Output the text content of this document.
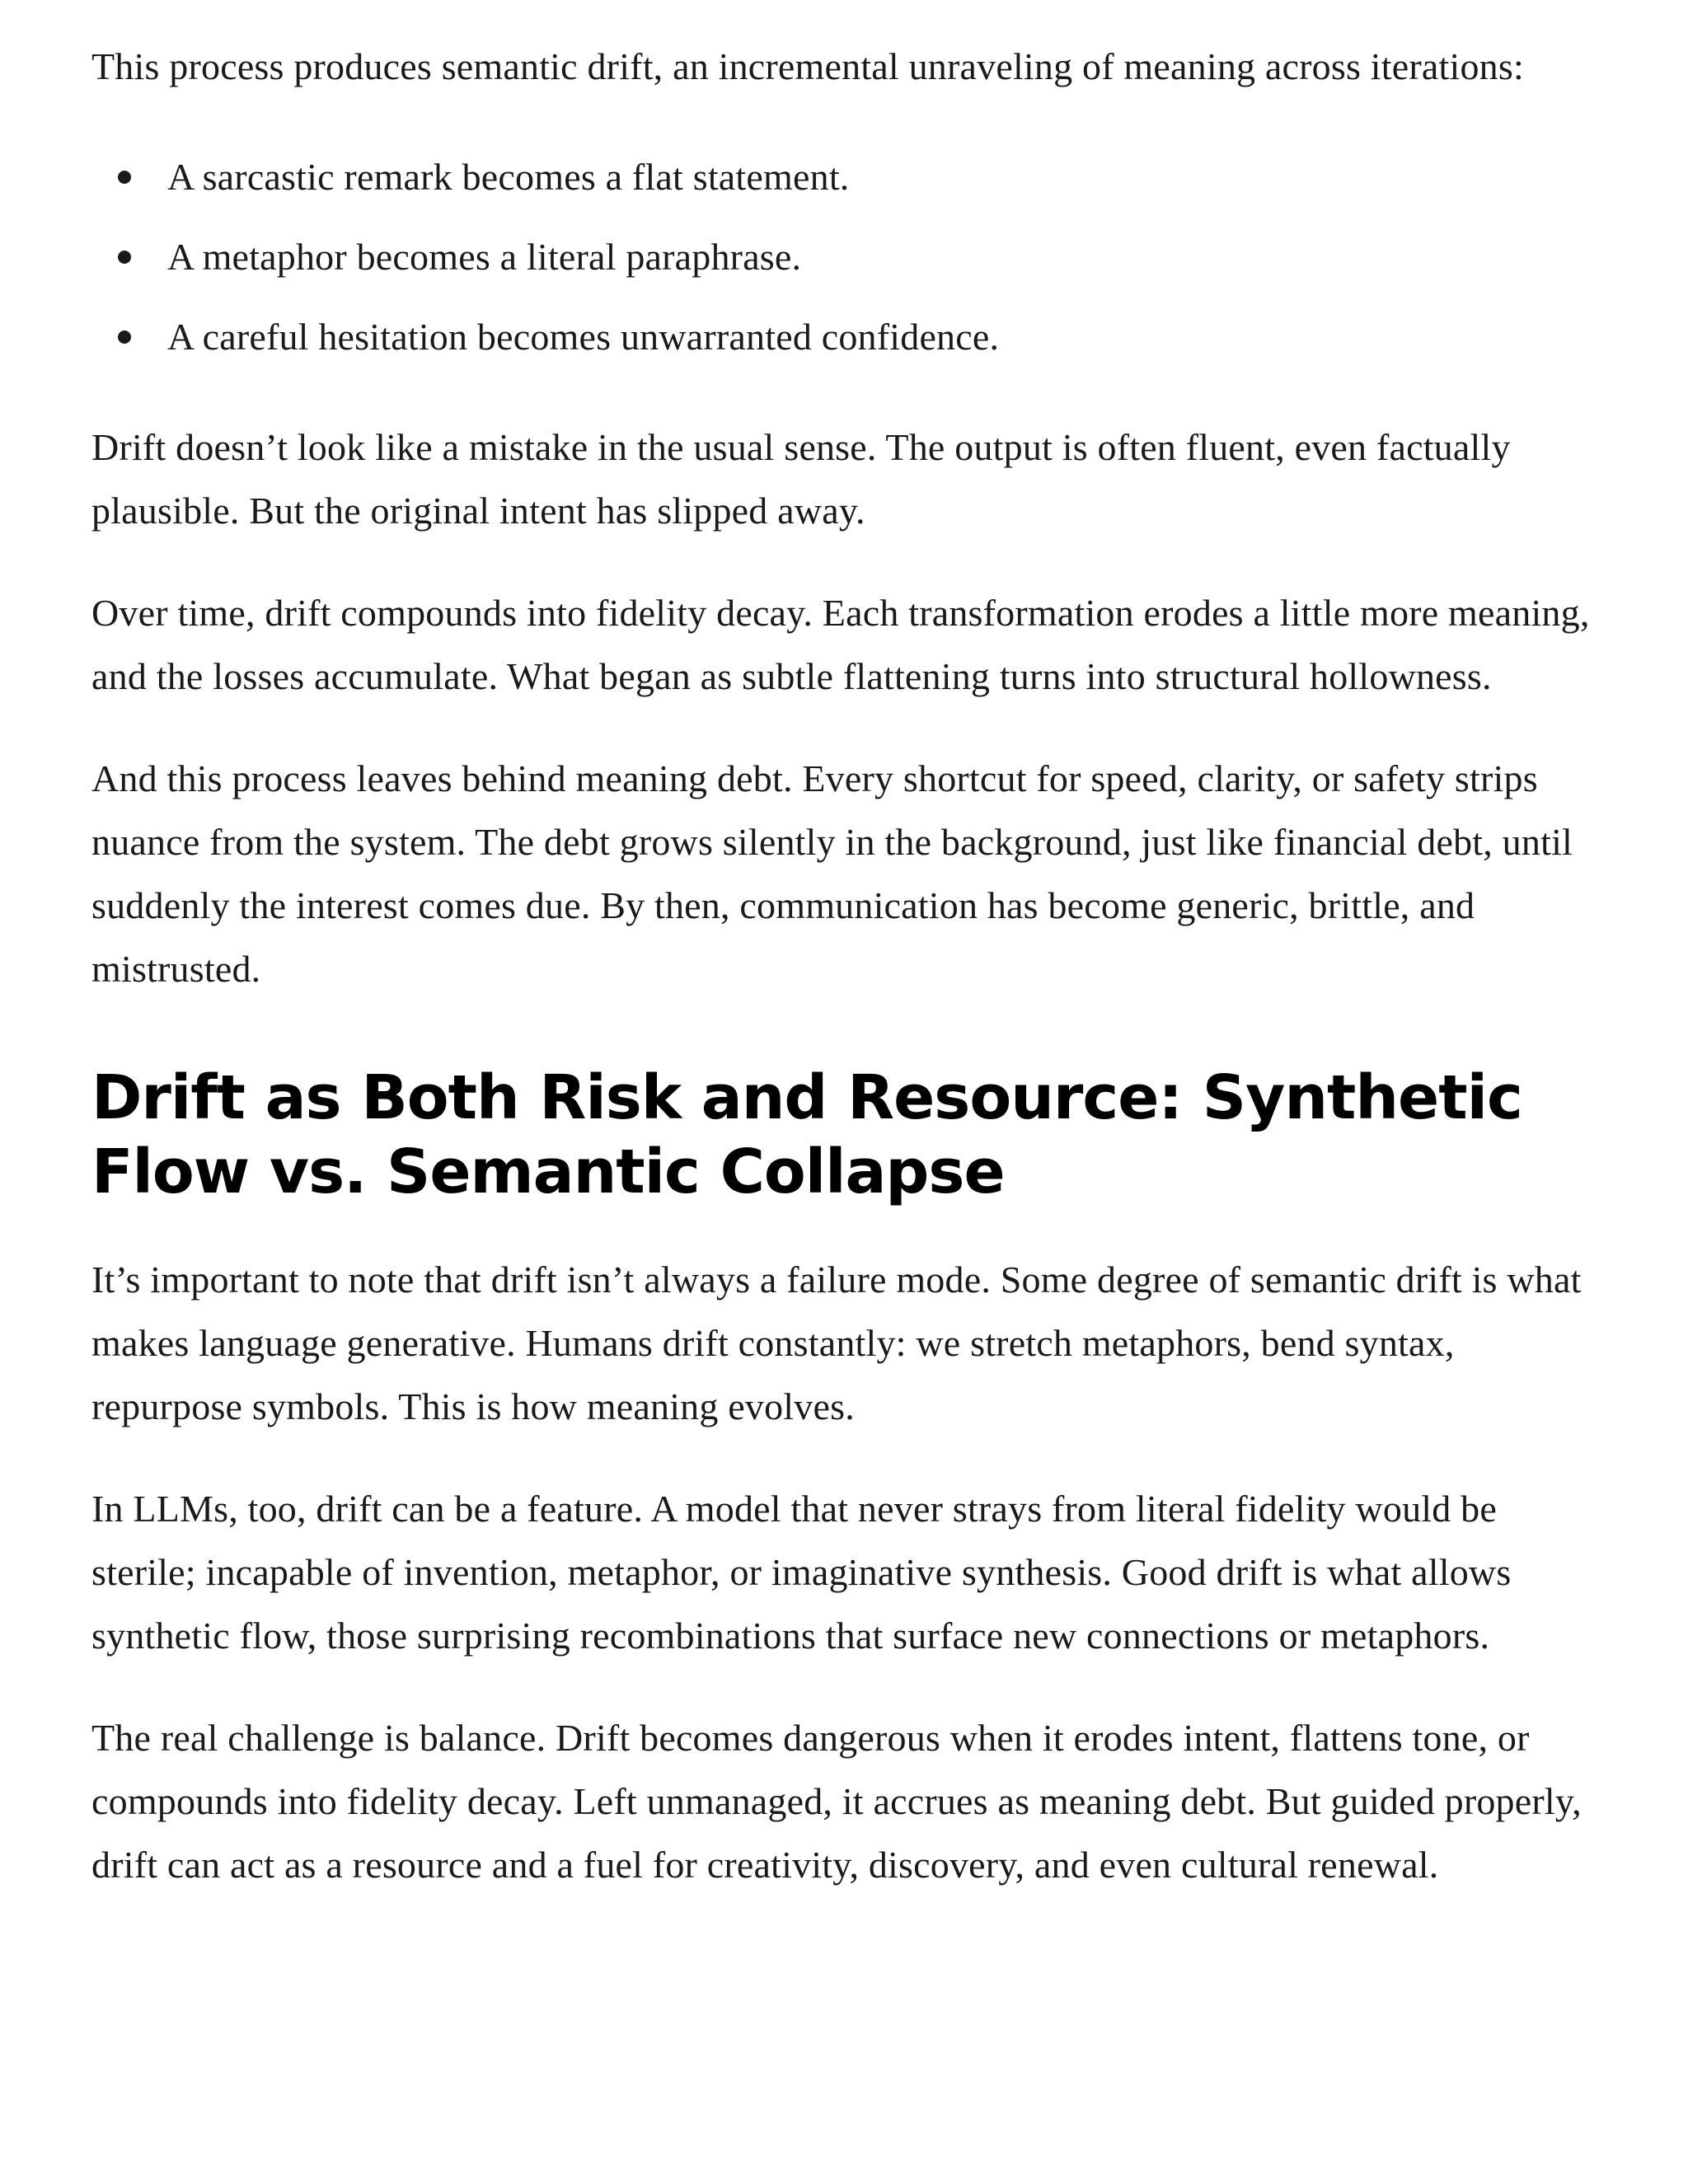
This process produces semantic drift, an incremental unraveling of meaning across iterations:

A sarcastic remark becomes a flat statement.
A metaphor becomes a literal paraphrase.
A careful hesitation becomes unwarranted confidence.

Drift doesn’t look like a mistake in the usual sense. The output is often fluent, even factually plausible. But the original intent has slipped away.

Over time, drift compounds into fidelity decay. Each transformation erodes a little more meaning, and the losses accumulate. What began as subtle flattening turns into structural hollowness.

And this process leaves behind meaning debt. Every shortcut for speed, clarity, or safety strips nuance from the system. The debt grows silently in the background, just like financial debt, until suddenly the interest comes due. By then, communication has become generic, brittle, and mistrusted.

Drift as Both Risk and Resource: Synthetic Flow vs. Semantic Collapse

It’s important to note that drift isn’t always a failure mode. Some degree of semantic drift is what makes language generative. Humans drift constantly: we stretch metaphors, bend syntax, repurpose symbols. This is how meaning evolves.

In LLMs, too, drift can be a feature. A model that never strays from literal fidelity would be sterile; incapable of invention, metaphor, or imaginative synthesis. Good drift is what allows synthetic flow, those surprising recombinations that surface new connections or metaphors.

The real challenge is balance. Drift becomes dangerous when it erodes intent, flattens tone, or compounds into fidelity decay. Left unmanaged, it accrues as meaning debt. But guided properly, drift can act as a resource and a fuel for creativity, discovery, and even cultural renewal.
